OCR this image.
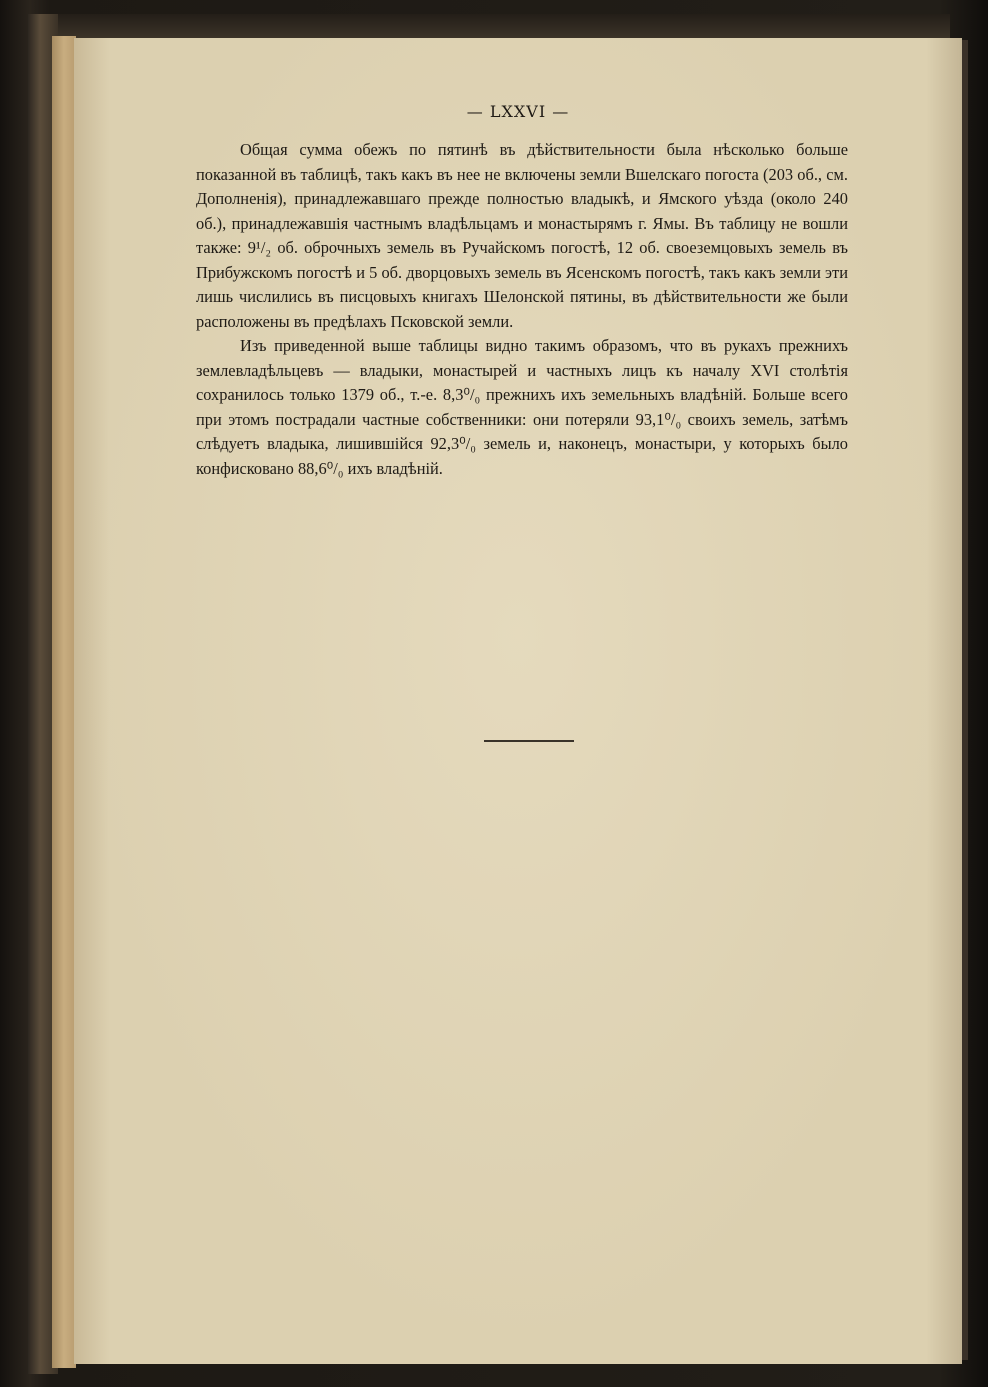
— LXXVI —

Общая сумма обежъ по пятинѣ въ дѣйствительности была нѣсколько больше показанной въ таблицѣ, такъ какъ въ нее не включены земли Вшелскаго погоста (203 об., см. Дополненія), принадлежавшаго прежде полностью владыкѣ, и Ямского уѣзда (около 240 об.), принадлежавшія частнымъ владѣльцамъ и монастырямъ г. Ямы. Въ таблицу не вошли также: 9¹/₂ об. оброчныхъ земель въ Ручайскомъ погостѣ, 12 об. своеземцовыхъ земель въ Прибужскомъ погостѣ и 5 об. дворцовыхъ земель въ Ясенскомъ погостѣ, такъ какъ земли эти лишь числились въ писцовыхъ книгахъ Шелонской пятины, въ дѣйствительности же были расположены въ предѣлахъ Псковской земли.

Изъ приведенной выше таблицы видно такимъ образомъ, что въ рукахъ прежнихъ землевладѣльцевъ — владыки, монастырей и частныхъ лицъ къ началу XVI столѣтія сохранилось только 1379 об., т.-е. 8,3⁰/₀ прежнихъ ихъ земельныхъ владѣній. Больше всего при этомъ пострадали частные собственники: они потеряли 93,1⁰/₀ своихъ земель, затѣмъ слѣдуетъ владыка, лишившійся 92,3⁰/₀ земель и, наконецъ, монастыри, у которыхъ было конфисковано 88,6⁰/₀ ихъ владѣній.
